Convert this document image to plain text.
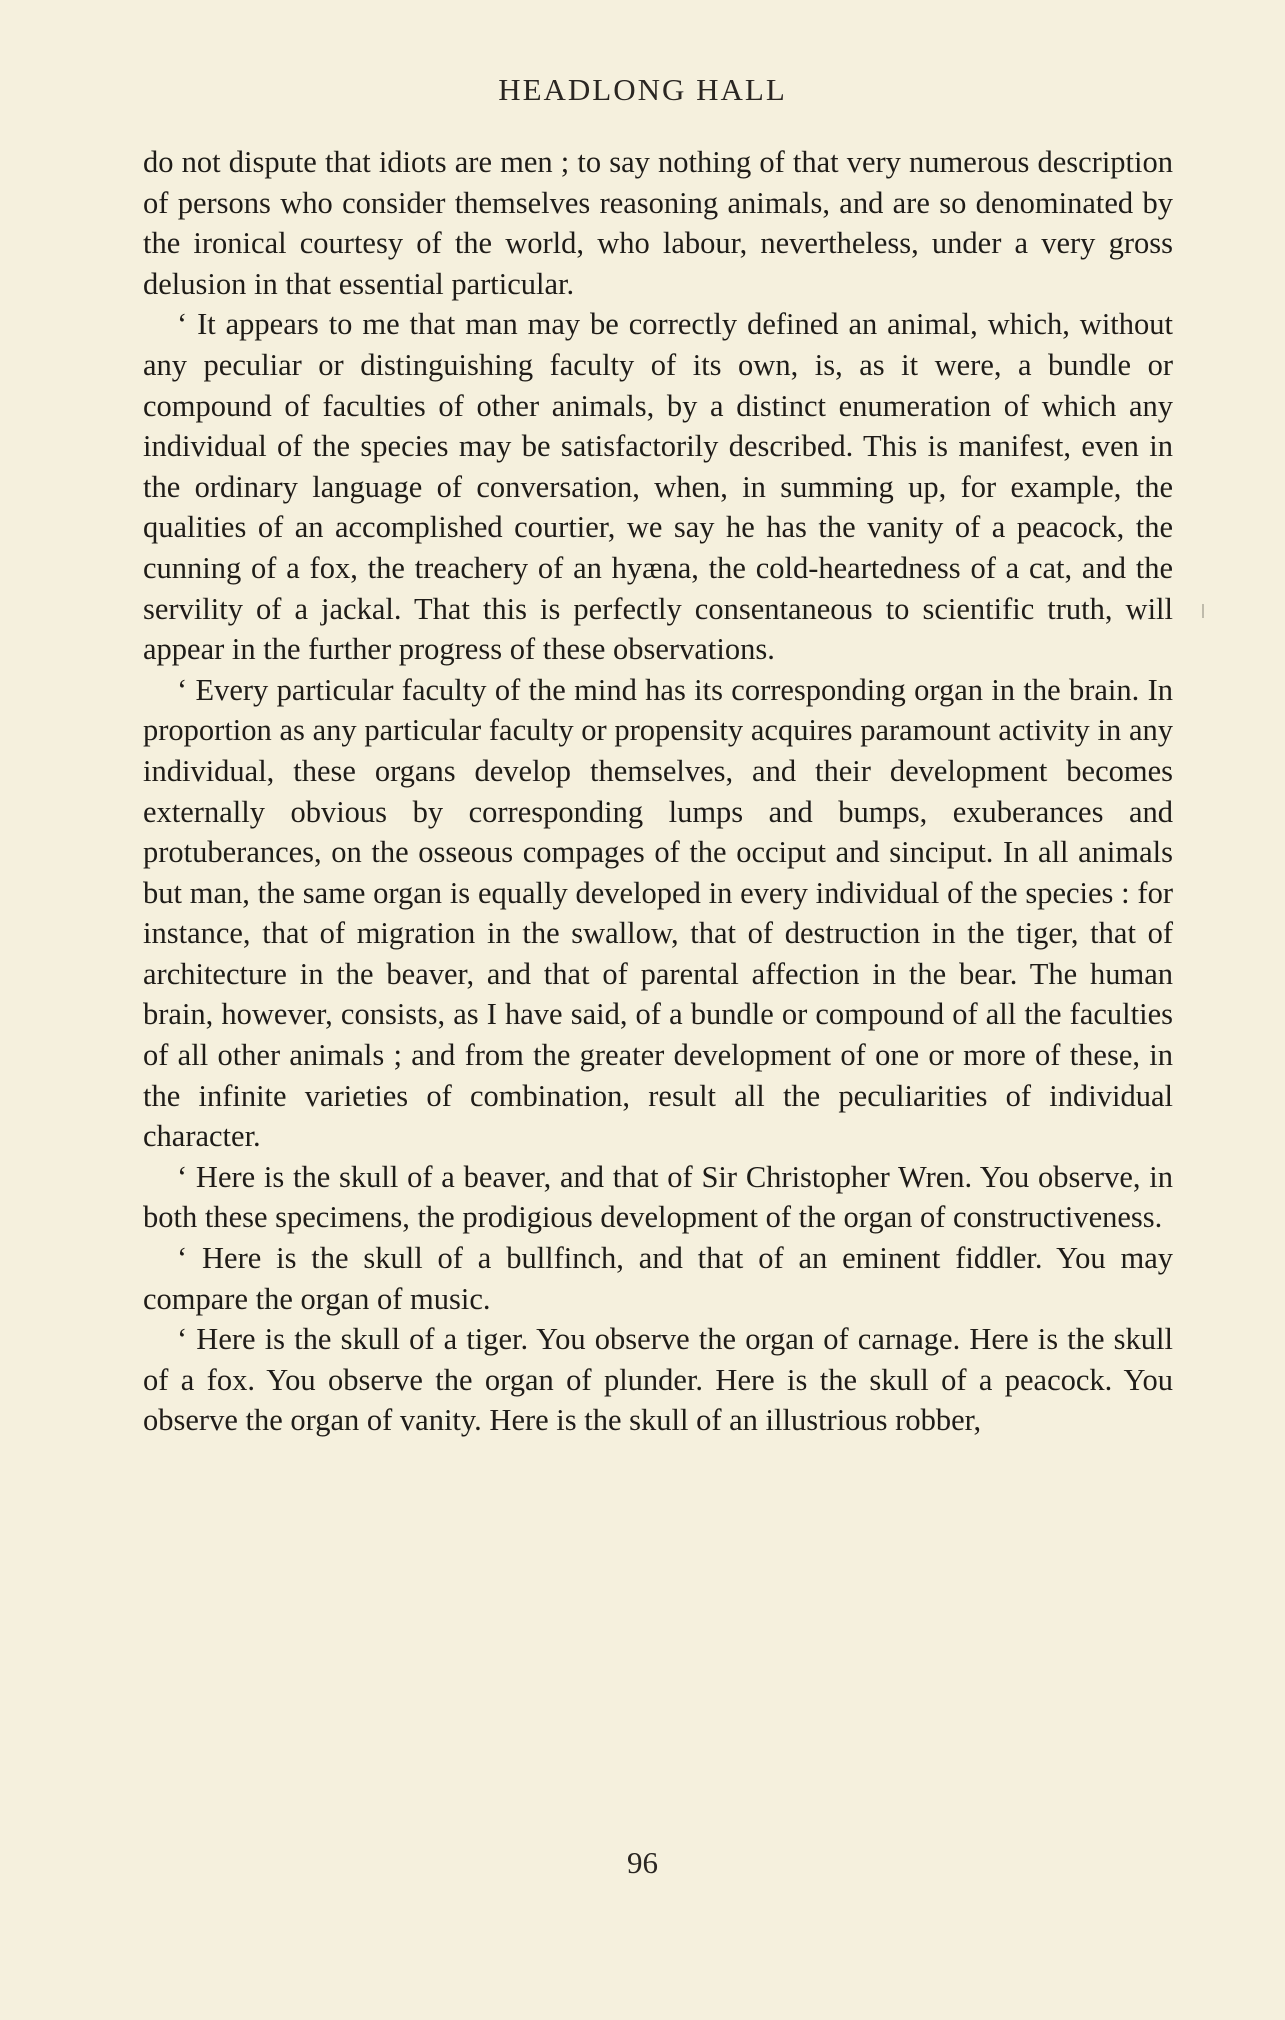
HEADLONG HALL

do not dispute that idiots are men ; to say nothing of that very numerous description of persons who consider themselves reasoning animals, and are so denominated by the ironical courtesy of the world, who labour, nevertheless, under a very gross delusion in that essential particular.

‘ It appears to me that man may be correctly defined an animal, which, without any peculiar or distinguishing faculty of its own, is, as it were, a bundle or compound of faculties of other animals, by a distinct enumeration of which any individual of the species may be satisfactorily described. This is manifest, even in the ordinary language of conversation, when, in summing up, for example, the qualities of an accomplished courtier, we say he has the vanity of a peacock, the cunning of a fox, the treachery of an hyæna, the cold-heartedness of a cat, and the servility of a jackal. That this is perfectly consentaneous to scientific truth, will appear in the further progress of these observations.

‘ Every particular faculty of the mind has its corresponding organ in the brain. In proportion as any particular faculty or propensity acquires paramount activity in any individual, these organs develop themselves, and their development becomes externally obvious by corresponding lumps and bumps, exuberances and protuberances, on the osseous compages of the occiput and sinciput. In all animals but man, the same organ is equally developed in every individual of the species : for instance, that of migration in the swallow, that of destruction in the tiger, that of architecture in the beaver, and that of parental affection in the bear. The human brain, however, consists, as I have said, of a bundle or compound of all the faculties of all other animals ; and from the greater development of one or more of these, in the infinite varieties of combination, result all the peculiarities of individual character.

‘ Here is the skull of a beaver, and that of Sir Christopher Wren. You observe, in both these specimens, the prodigious development of the organ of constructiveness.

‘ Here is the skull of a bullfinch, and that of an eminent fiddler. You may compare the organ of music.

‘ Here is the skull of a tiger. You observe the organ of carnage. Here is the skull of a fox. You observe the organ of plunder. Here is the skull of a peacock. You observe the organ of vanity. Here is the skull of an illustrious robber,

96
